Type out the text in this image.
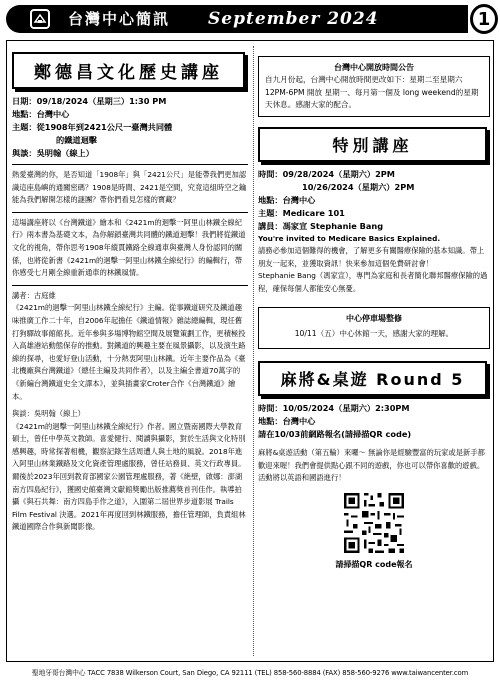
台灣中心簡訊 September 2024	1
鄭德昌文化歷史講座
日期：09/18/2024（星期三）1:30 PM
地點：台灣中心
主題：從1908年到2421公尺一臺灣共同體
的鐵道迴擊
與談：吳明翰（線上）

熱愛臺灣的你，是否知道「1908年」與「2421公尺」是能帶我們更加認識這座島嶼的通關密碼？1908是時間、2421是空間，究竟這組時空之鑰能為我們解開怎樣的謎團？帶你們看見怎樣的寶藏？

這場講座將以《台灣鐵道》繪本和《2421m的迴擊一阿里山林鐵全線紀行》兩本書為基礎文本，為你解鎖臺灣共同體的鐵道迴擊！我們將從鐵道文化的視角，帶你思考1908年縱貫鐵路全線通車與臺灣人身份認同的關係，也將從新書《2421m的迴擊一阿里山林鐵全線紀行》的編輯行，帶你感受七月剛全線重新通車的林鐵風情。

講者：古庭維

《2421m的迴擊一阿里山林鐵全線紀行》主編。從事鐵道研究及鐵道趣味推廣工作二十年，自2006年起擔任《鐵道情報》雜誌總編輯，現任舊打狗驛故事館館長。近年參與多場博物館空間及展覽策劃工作，更積極投入高雄港站動態保存的推動。對鐵道的興趣主要在風景攝影，以及演生路線的探尋，也愛好登山活動，十分熱衷阿里山林鐵。近年主要作品為《臺北機廠與台灣鐵道》（總任主編及共同作者），以及主編全書道70萬字的《新編台灣鐵道史全文譯本》，並與插畫家Croter合作《台灣鐵道》繪本。

與談：吳明翰（線上）

《2421m的迴擊一阿里山林鐵全線紀行》作者。國立暨南國際大學教育碩士，曾任中學英文教師。喜愛健行、閱讀與攝影，對於生活與文化特別感興趣，時常探著相機，觀察記錄生活周遭人與土地的風貌。2018年進入阿里山林業鐵路及文化資產管理處服務，曾任站務員、英文行政專員。爾後於2023年回到教育部國家公園管理處服務，著《絶壁，啟娜：澎湖南方四島紀行》，獲國史館臺灣文獻館獎勵出版推薦獎首刊佳作。執導拍攝《與石共舞：南方四島手作之道》，入圍第二屆世界步道影展 Trails Film Festival 決選。2021年再度回到林鐵服務，擔任管理師，負責組林鐵道國際合作與新聞影像。

台灣中心開放時間公告
自九月份起，台灣中心開放時間更改如下：星期二至星期六 12PM-6PM 開放 星期一、每月第一個及 long weekend的星期天休息。感謝大家的配合。
特別講座
時間：09/28/2024（星期六）2PM
10/26/2024（星期六）2PM
地點：台灣中心
主題：Medicare 101
講員：馮家宣 Stephanie Bang
You're invited to Medicare Basics Explained.
請務必參加這個難得的機會，了解更多有關醫療保險的基本知識。帶上朋友一起來，並獲取資訊！快來參加這個免費研討會！
Stephanie Bang（馮家宣），專門為家庭和長者簡化聯邦醫療保險的過程，確保每個人都能安心無憂。
中心停車場整修
10/11（五）中心休館一天，感謝大家的理解。
麻將&桌遊 Round 5
時間：10/05/2024（星期六）2:30PM
地點：台灣中心
請在10/03前網路報名(請掃描QR code)
麻將&桌遊活動（第五輪）來囉～ 無論你是經驗豐富的玩家或是新手都歡迎來喔！我們會提供點心跟不同的遊戲，你也可以帶你喜歡的遊戲。活動將以英語和國語進行！
請掃描QR code報名
聖地牙哥台灣中心 TACC 7838 Wilkerson Court, San Diego, CA 92111 (TEL) 858-560-8884 (FAX) 858-560-9276 www.taiwancenter.com
